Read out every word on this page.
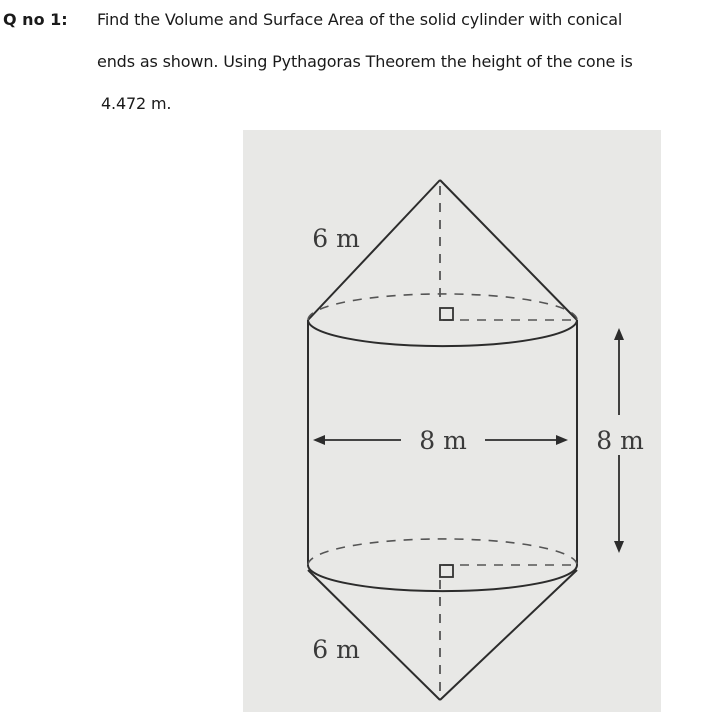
Q no 1: Find the Volume and Surface Area of the solid cylinder with conical
ends as shown. Using Pythagoras Theorem the height of the cone is
4.472 m.
8 m	8 m
6 m
6 m
